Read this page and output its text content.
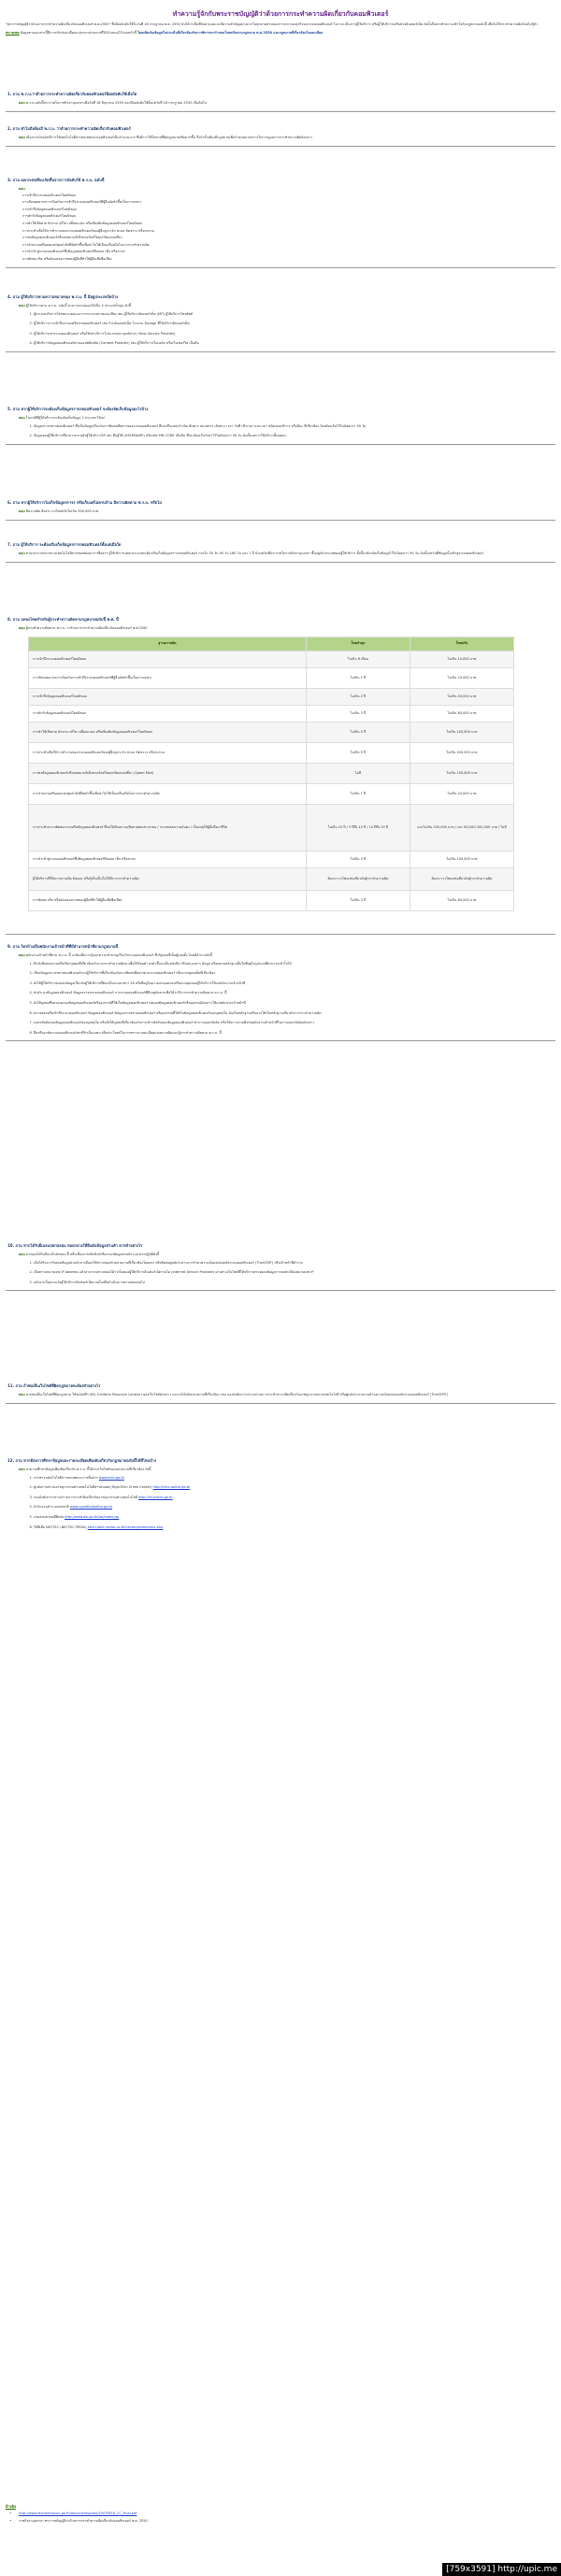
ทำความรู้จักกับพระราชบัญญัติว่าด้วยการกระทำความผิดเกี่ยวกับคอมพิวเตอร์
"พระราชบัญญัติว่าด้วยการกระทำความผิดเกี่ยวกับคอมพิวเตอร์ พ.ศ.2550" ซึ่งมีผลบังคับใช้ในวันที่ 18 กรกฎาคม พ.ศ. 2550 นับได้ว่าเป็นที่จับตามองและมีความสำคัญอย่างมากในทุกภาคส่วนของการประกอบธุรกิจบนระบบคอมพิวเตอร์ ไม่ว่าจะเป็นการผู้ให้บริการ หรือผู้ใช้บริการเครือข่ายอินเทอร์เน็ต ดังนั้นจึงควรทำความเข้าใจกับกฎหมายฉบับนี้ เพื่อไม่ให้กระทำความผิดโดยไม่รู้ตัว
หมายเหตุ ข้อมูลตามเอกสารนี้มีการปรับปรุงเปลี่ยนแปลงบางส่วนจากที่ได้นำเสนอไว้ก่อนหน้านี้ โดยเพิ่มเติมข้อมูลในประเด็นที่เกี่ยวข้องกับการพิจารณากำหนดโทษปรับตามกฎหมาย พ.ศ.2550 และกฎหมายที่เกี่ยวข้องโดยละเอียด
1. ถาม พ.ร.บ.ว่าด้วยการกระทำความผิดเกี่ยวกับคอมพิวเตอร์มีผลบังคับใช้เมื่อใด
ตอบ พ.ร.บ.ฉบับนี้ประกาศในราชกิจจานุเบกษาเมื่อวันที่ 18 มิถุนายน 2550 และมีผลบังคับใช้ตั้งแต่วันที่ 18 กรกฎาคม 2550 เป็นต้นไป
2. ถาม ทำไมถึงต้องมี พ.ร.บ. ว่าด้วยการกระทำความผิดเกี่ยวกับคอมพิวเตอร์
ตอบ เนื่องจากปัจจุบันมีการใช้เทคโนโลยีสารสนเทศและคอมพิวเตอร์เป็นจำนวนมาก ซึ่งมีการใช้ในทางที่ผิดกฎหมายเพิ่มมากขึ้น จึงจำเป็นต้องมีกฎหมายเพื่อกำหนดมาตรการในการดูแลการกระทำความผิดดังกล่าว
3. ถาม ผลกระทบที่จะเกิดขึ้นจากการบังคับใช้ พ.ร.บ. ฉบับนี้
ตอบ
การเข้าถึงระบบคอมพิวเตอร์โดยมิชอบ
การเปิดเผยมาตรการป้องกันการเข้าถึงระบบคอมพิวเตอร์ที่ผู้อื่นจัดทำขึ้นเป็นการเฉพาะ
การเข้าถึงข้อมูลคอมพิวเตอร์โดยมิชอบ
การดักรับข้อมูลคอมพิวเตอร์โดยมิชอบ
การทำให้เสียหาย ทำลาย แก้ไข เปลี่ยนแปลง หรือเพิ่มเติมข้อมูลคอมพิวเตอร์โดยมิชอบ
การกระทำเพื่อให้การทำงานของระบบคอมพิวเตอร์ของผู้อื่นถูกระงับ ชะลอ ขัดขวาง หรือรบกวน
การส่งข้อมูลคอมพิวเตอร์หรือจดหมายอิเล็กทรอนิกส์โดยปกปิดแหล่งที่มา
การจำหน่ายหรือเผยแพร่ชุดคำสั่งที่จัดทำขึ้นเพื่อนำไปใช้เป็นเครื่องมือในการกระทำความผิด
การนำเข้าสู่ระบบคอมพิวเตอร์ซึ่งข้อมูลคอมพิวเตอร์ที่ปลอม เท็จ หรือลามก
การตัดต่อ เติม หรือดัดแปลงภาพของผู้อื่นที่ทำให้ผู้อื่นเสียชื่อเสียง
4. ถาม ผู้ให้บริการตามความหมายของ พ.ร.บ. นี้ มีอยู่ประเภทใดบ้าง
ตอบ ผู้ให้บริการตาม พ.ร.บ. ฉบับนี้ สามารถแบ่งออกได้เป็น 4 ประเภทใหญ่ๆ ดังนี้
1. ผู้ประกอบกิจการโทรคมนาคมและการกระจายภาพและเสียง เช่น ผู้ให้บริการอินเทอร์เน็ต (ISP) ผู้ให้บริการโทรศัพท์
2. ผู้ให้บริการการเข้าถึงระบบเครือข่ายคอมพิวเตอร์ เช่น ร้านอินเทอร์เน็ต โรงแรม ห้องสมุด ที่ให้บริการอินเทอร์เน็ต
3. ผู้ให้บริการเช่าระบบคอมพิวเตอร์ หรือให้เช่าบริการโปรแกรมประยุกต์ต่างๆ (Host Service Provider)
4. ผู้ให้บริการข้อมูลคอมพิวเตอร์ผ่านแอปพลิเคชัน (Content Provider) เช่น ผู้ให้บริการเว็บบอร์ด หรือเว็บเซอร์วิส เป็นต้น
5. ถาม หากผู้ให้บริการจะต้องเก็บข้อมูลจราจรคอมพิวเตอร์ จะต้องจัดเก็บข้อมูลอะไรบ้าง
ตอบ ในกรณีที่ผู้ให้บริการจะต้องจัดเก็บข้อมูล 2 ประเภท ได้แก่
1. ข้อมูลจราจรทางคอมพิวเตอร์ ซึ่งเป็นข้อมูลเกี่ยวกับการติดต่อสื่อสารของระบบคอมพิวเตอร์ ที่บอกถึงแหล่งกำเนิด ต้นทาง ปลายทาง เส้นทาง เวลา วันที่ ปริมาณ ระยะเวลา ชนิดของบริการ หรืออื่นๆ ที่เกี่ยวข้อง โดยต้องเก็บไว้ไม่น้อยกว่า 90 วัน
2. ข้อมูลของผู้ใช้บริการที่สามารถระบุตัวผู้ใช้บริการได้ เช่น ชื่อผู้ใช้ (USERNAME) หรือรหัส PIN CODE เป็นต้น ซึ่งจะต้องเก็บรักษาไว้ไม่น้อยกว่า 90 วัน นับตั้งแต่การใช้บริการสิ้นสุดลง
6. ถาม หากผู้ให้บริการไม่เก็บข้อมูลจราจร หรือเก็บแต่ไม่ครบถ้วน มีความผิดตาม พ.ร.บ. หรือไม่
ตอบ มีความผิด ต้องระวางโทษปรับไม่เกิน 500,000 บาท
7. ถาม ผู้ให้บริการ จะต้องเริ่มเก็บข้อมูลจราจรคอมพิวเตอร์ตั้งแต่เมื่อใด
ตอบ ตามประกาศกระทรวงเทคโนโลยีสารสนเทศและการสื่อสาร ผู้ให้บริการแต่ละประเภทจะต้องเริ่มเก็บข้อมูลจราจรคอมพิวเตอร์ ภายใน 30 วัน 90 วัน 180 วัน และ 1 ปี นับแต่วันที่ประกาศในราชกิจจานุเบกษา ขึ้นอยู่กับประเภทของผู้ให้บริการ ทั้งนี้จะต้องจัดเก็บข้อมูลไว้ไม่น้อยกว่า 90 วัน นับตั้งแต่วันที่ข้อมูลนั้นเข้าสู่ระบบคอมพิวเตอร์
8. ถาม บทลงโทษสำหรับผู้กระทำความผิดตามกฎหมายฉบับนี้ พ.ศ. นี้
ตอบ ผู้กระทำความผิดตาม พ.ร.บ. ว่าด้วยการกระทำความผิดเกี่ยวกับคอมพิวเตอร์ พ.ศ.2550
ฐานความผิด	โทษจำคุก	โทษปรับ
การเข้าถึงระบบคอมพิวเตอร์โดยมิชอบ	ไม่เกิน 6 เดือน	ไม่เกิน 10,000 บาท
การเปิดเผยมาตรการป้องกันการเข้าถึงระบบคอมพิวเตอร์ที่ผู้อื่นจัดทำขึ้นเป็นการเฉพาะ	ไม่เกิน 1 ปี	ไม่เกิน 20,000 บาท
การเข้าถึงข้อมูลคอมพิวเตอร์โดยมิชอบ	ไม่เกิน 2 ปี	ไม่เกิน 40,000 บาท
การดักรับข้อมูลคอมพิวเตอร์โดยมิชอบ	ไม่เกิน 3 ปี	ไม่เกิน 60,000 บาท
การทำให้เสียหาย ทำลาย แก้ไข เปลี่ยนแปลง หรือเพิ่มเติมข้อมูลคอมพิวเตอร์โดยมิชอบ	ไม่เกิน 5 ปี	ไม่เกิน 100,000 บาท
การกระทำเพื่อให้การทำงานของระบบคอมพิวเตอร์ของผู้อื่นถูกระงับ ชะลอ ขัดขวาง หรือรบกวน	ไม่เกิน 5 ปี	ไม่เกิน 100,000 บาท
การส่งข้อมูลคอมพิวเตอร์หรือจดหมายอิเล็กทรอนิกส์โดยปกปิดแหล่งที่มา (Spam Mail)	ไม่มี	ไม่เกิน 100,000 บาท
การจำหน่ายหรือเผยแพร่ชุดคำสั่งที่จัดทำขึ้นเพื่อนำไปใช้เป็นเครื่องมือในการกระทำความผิด	ไม่เกิน 1 ปี	ไม่เกิน 20,000 บาท
การกระทำความผิดต่อระบบหรือข้อมูลคอมพิวเตอร์ ที่ก่อให้เกิดความเสียหายต่อประชาชน / กระทบต่อความมั่นคง / เป็นเหตุให้ผู้อื่นถึงแก่ชีวิต	ไม่เกิน 10 ปี / 3 ปีถึง 15 ปี / 10 ปีถึง 20 ปี	และไม่เกิน 200,000 บาท / และ 60,000-300,000 บาท / ไม่มี
การนำเข้าสู่ระบบคอมพิวเตอร์ซึ่งข้อมูลคอมพิวเตอร์ที่ปลอม เท็จ หรือลามก	ไม่เกิน 5 ปี	ไม่เกิน 100,000 บาท
ผู้ให้บริการที่ให้ความร่วมมือ ยินยอม หรือรู้เห็นเป็นใจให้มีการกระทำความผิด	ต้องระวางโทษเช่นเดียวกับผู้กระทำความผิด	ต้องระวางโทษเช่นเดียวกับผู้กระทำความผิด
การตัดต่อ เติม หรือดัดแปลงภาพของผู้อื่นที่ทำให้ผู้อื่นเสียชื่อเสียง	ไม่เกิน 3 ปี	ไม่เกิน 60,000 บาท
9. ถาม ใครบ้างเป็นพนักงานเจ้าหน้าที่ที่มีอำนาจหน้าที่ตามกฎหมายนี้
ตอบ พนักงานเจ้าหน้าที่ตาม พ.ร.บ. นี้ จะต้องมีความรู้และความชำนาญเกี่ยวกับระบบคอมพิวเตอร์ ซึ่งรัฐมนตรีเป็นผู้แต่งตั้ง โดยมีอำนาจดังนี้
1. มีหนังสือสอบถามหรือเรียกบุคคลที่เกี่ยวข้องกับการกระทำความผิดมาเพื่อให้ถ้อยคำ ส่งคำชี้แจงเป็นหนังสือ หรือส่งเอกสาร ข้อมูล หรือพยานหลักฐานอื่นใดที่อยู่ในรูปแบบที่สามารถเข้าใจได้
2. เรียกข้อมูลจราจรทางคอมพิวเตอร์จากผู้ให้บริการที่เกี่ยวข้องกับการติดต่อสื่อสารผ่านระบบคอมพิวเตอร์ หรือจากบุคคลอื่นที่เกี่ยวข้อง
3. สั่งให้ผู้ให้บริการส่งมอบข้อมูลเกี่ยวกับผู้ใช้บริการที่ต้องเก็บตามมาตรา 26 หรือที่อยู่ในความครอบครองหรือควบคุมของผู้ให้บริการให้แก่พนักงานเจ้าหน้าที่
4. ทำสำเนาข้อมูลคอมพิวเตอร์ ข้อมูลจราจรทางคอมพิวเตอร์ จากระบบคอมพิวเตอร์ที่มีเหตุอันควรเชื่อได้ว่ามีการกระทำความผิดตาม พ.ร.บ. นี้
5. สั่งให้บุคคลซึ่งครอบครองข้อมูลคอมพิวเตอร์หรืออุปกรณ์ที่ใช้เก็บข้อมูลคอมพิวเตอร์ ส่งมอบข้อมูลคอมพิวเตอร์หรืออุปกรณ์ดังกล่าวให้แก่พนักงานเจ้าหน้าที่
6. ตรวจสอบหรือเข้าถึงระบบคอมพิวเตอร์ ข้อมูลคอมพิวเตอร์ ข้อมูลจราจรทางคอมพิวเตอร์ หรืออุปกรณ์ที่ใช้เก็บข้อมูลคอมพิวเตอร์ของบุคคลใด อันเป็นหลักฐานหรืออาจใช้เป็นหลักฐานเกี่ยวกับการกระทำความผิด
7. ถอดรหัสลับของข้อมูลคอมพิวเตอร์ของบุคคลใด หรือสั่งให้บุคคลที่เกี่ยวข้องกับการเข้ารหัสลับของข้อมูลคอมพิวเตอร์ ทำการถอดรหัสลับ หรือให้ความร่วมมือกับพนักงานเจ้าหน้าที่ในการถอดรหัสลับดังกล่าว
8. ยึดหรืออายัดระบบคอมพิวเตอร์เท่าที่จำเป็นเฉพาะเพื่อประโยชน์ในการทราบรายละเอียดแห่งความผิดและผู้กระทำความผิดตาม พ.ร.บ. นี้
10. ถาม หากได้รับอีเมลแปลกปลอม หลอกลวงให้ยืนยันข้อมูลส่วนตัว ควรทำอย่างไร
ตอบ หากคุณได้รับอีเมลในลักษณะนี้ หลีกเลี่ยงการคลิกลิงก์หรือกรอกข้อมูลส่วนตัว และควรปฏิบัติดังนี้
1. เมื่อได้รับการร้องขอข้อมูลส่วนตัวจากอีเมลให้ตรวจสอบกับหน่วยงานที่เกี่ยวข้องโดยตรง หรือติดต่อศูนย์ประสานการรักษาความมั่นคงปลอดภัยระบบคอมพิวเตอร์ (ThaiCERT) หรือเจ้าหน้าที่ตำรวจ
2. เมื่อทราบหมายเลข IP Address แล้วสามารถตรวจสอบได้ว่าเป็นของผู้ให้บริการอินเทอร์เน็ตรายใด (Internet Service Provider) ผ่านทางเว็บไซต์ที่ให้บริการตรวจสอบข้อมูลการจดทะเบียนหมายเลข IP
3. หลังจากนั้นควรแจ้งผู้ให้บริการอินเทอร์เน็ตรายนั้นเพื่อดำเนินการตรวจสอบต่อไป
11. ถาม ถ้าพบเห็นเว็บไซต์ที่ผิดกฎหมายจะต้องทำอย่างไร
ตอบ หากพบเห็นเว็บไซต์ที่ผิดกฎหมาย ให้จดบันทึก URL (Uniform Resource Locator) ของเว็บไซต์ดังกล่าว และแจ้งไปยังหน่วยงานที่เกี่ยวข้อง เช่น กองบังคับการปราบปรามการกระทำความผิดเกี่ยวกับอาชญากรรมทางเทคโนโลยี หรือศูนย์ประสานงานด้านความมั่นคงปลอดภัยระบบคอมพิวเตอร์ (ThaiCERT)
12. ถาม หากต้องการศึกษาข้อมูลและรายละเอียดเพิ่มเติมเกี่ยวกับกฎหมายฉบับนี้ได้ที่ไหนบ้าง
ตอบ สามารถศึกษาข้อมูลเพิ่มเติมเกี่ยวกับ พ.ร.บ. นี้ได้จากเว็บไซต์ของหน่วยงานที่เกี่ยวข้อง ดังนี้
1. กระทรวงเทคโนโลยีสารสนเทศและการสื่อสาร www.mict.go.th
2. ศูนย์ปราบปรามอาชญากรรมทางเทคโนโลยีสารสนเทศ (High-Tech Crime Center) http://htcc.police.go.th
3. กองบังคับการปราบปรามการกระทำผิดเกี่ยวกับอาชญากรรมทางเทคโนโลยี http://ict.police.go.th
4. สำนักงานตำรวจแห่งชาติ www.royalthaipolice.go.th
5. กรมสอบสวนคดีพิเศษ http://www.dsi.go.th/dsi/index.jsp
6. วิกิพีเดีย NECTEC (NECTEC PEDIA) http://wiki.nectec.or.th/nectecpedia/index.php
อ้างอิง
• http://www.etcommission.go.th/documents/laws/20070618_CC_Final.pdf
• ราชกิจจานุเบกษา พระราชบัญญัติว่าด้วยการกระทำความผิดเกี่ยวกับคอมพิวเตอร์ พ.ศ. 2550
[759x3591] http://upic.me
